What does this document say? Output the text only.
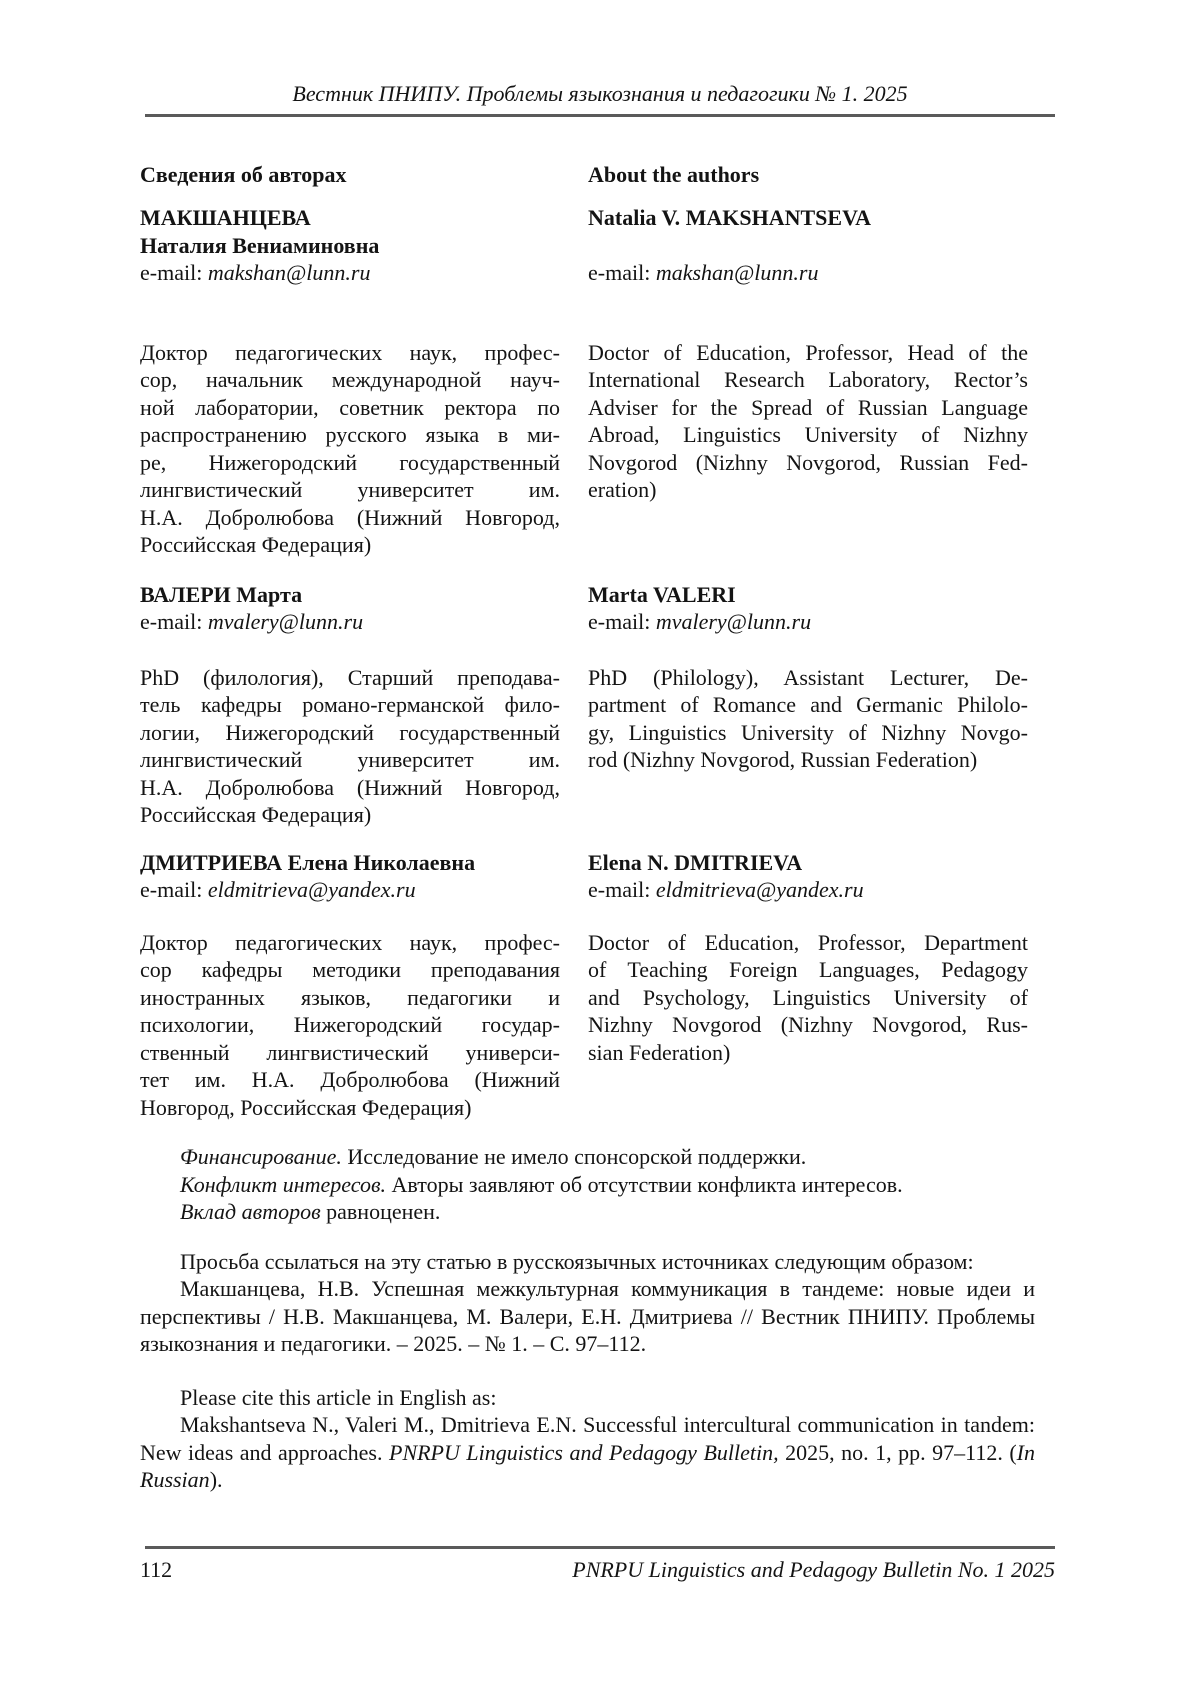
Вестник ПНИПУ. Проблемы языкознания и педагогики № 1. 2025
Сведения об авторах	About the authors
МАКШАНЦЕВА
Наталия Вениаминовна
e-mail: makshan@lunn.ru
Natalia V. MAKSHANTSEVA
e-mail: makshan@lunn.ru
Доктор педагогических наук, профес-
сор, начальник международной науч-
ной лаборатории, советник ректора по
распространению русского языка в ми-
ре, Нижегородский государственный
лингвистический университет им.
Н.А. Добролюбова (Нижний Новгород,
Российсская Федерация)
Doctor of Education, Professor, Head of the
International Research Laboratory, Rector’s
Adviser for the Spread of Russian Language
Abroad, Linguistics University of Nizhny
Novgorod (Nizhny Novgorod, Russian Fed-
eration)
ВАЛЕРИ Марта
e-mail: mvalery@lunn.ru
Marta VALERI
e-mail: mvalery@lunn.ru
PhD (филология), Старший преподава-
тель кафедры романо-германской фило-
логии, Нижегородский государственный
лингвистический университет им.
Н.А. Добролюбова (Нижний Новгород,
Российсская Федерация)
PhD (Philology), Assistant Lecturer, De-
partment of Romance and Germanic Philolo-
gy, Linguistics University of Nizhny Novgo-
rod (Nizhny Novgorod, Russian Federation)
ДМИТРИЕВА Елена Николаевна
e-mail: eldmitrieva@yandex.ru
Elena N. DMITRIEVA
e-mail: eldmitrieva@yandex.ru
Доктор педагогических наук, профес-
сор кафедры методики преподавания
иностранных языков, педагогики и
психологии, Нижегородский государ-
ственный лингвистический универси-
тет им. Н.А. Добролюбова (Нижний
Новгород, Российсская Федерация)
Doctor of Education, Professor, Department
of Teaching Foreign Languages, Pedagogy
and Psychology, Linguistics University of
Nizhny Novgorod (Nizhny Novgorod, Rus-
sian Federation)

Финансирование. Исследование не имело спонсорской поддержки.

Конфликт интересов. Авторы заявляют об отсутствии конфликта интересов.

Вклад авторов равноценен.

Просьба ссылаться на эту статью в русскоязычных источниках следующим образом:

Макшанцева, Н.В. Успешная межкультурная коммуникация в тандеме: новые идеи и перспективы / Н.В. Макшанцева, М. Валери, Е.Н. Дмитриева // Вестник ПНИПУ. Проблемы языкознания и педагогики. – 2025. – № 1. – С. 97–112.

Please cite this article in English as:

Makshantseva N., Valeri M., Dmitrieva E.N. Successful intercultural communication in tandem: New ideas and approaches. PNRPU Linguistics and Pedagogy Bulletin, 2025, no. 1, pp. 97–112. (In Russian).

112	PNRPU Linguistics and Pedagogy Bulletin No. 1 2025
